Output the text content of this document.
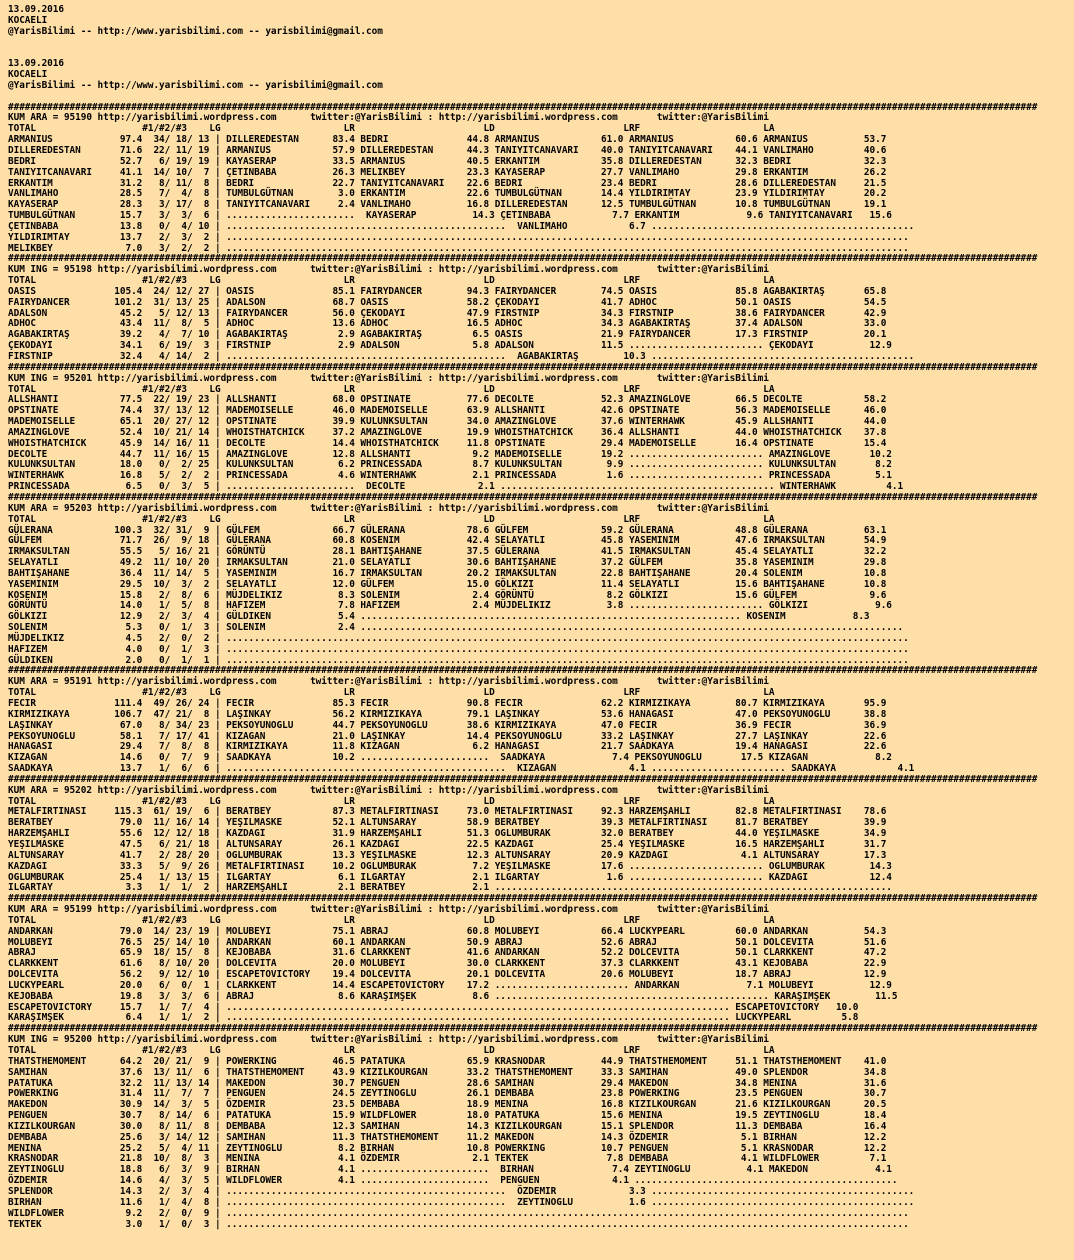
13.09.2016
KOCAELI
@YarisBilimi -- http://www.yarisbilimi.com -- yarisbilimi@gmail.com

13.09.2016
KOCAELI
@YarisBilimi -- http://www.yarisbilimi.com -- yarisbilimi@gmail.com

########################################################################################################################################################################################
KUM ARA = 95190 http://yarisbilimi.wordpress.com      twitter:@YarisBilimi : http://yarisbilimi.wordpress.com       twitter:@YarisBilimi
TOTAL                   #1/#2/#3    LG                      LR                       LD                       LRF                      LA
ARMANIUS            97.4  34/ 18/ 13 | DILLEREDESTAN      83.4 BEDRI              44.8 ARMANIUS           61.0 ARMANIUS           60.6 ARMANIUS          53.7
DILLEREDESTAN       71.6  22/ 11/ 19 | ARMANIUS           57.9 DILLEREDESTAN      44.3 TANIYITCANAVARI    40.0 TANIYITCANAVARI    44.1 VANLIMAHO         40.6
BEDRI               52.7   6/ 19/ 19 | KAYASERAP          33.5 ARMANIUS           40.5 ERKANTIM           35.8 DILLEREDESTAN      32.3 BEDRI             32.3
TANIYITCANAVARI     41.1  14/ 10/  7 | ÇETINBABA          26.3 MELIKBEY           23.3 KAYASERAP          27.7 VANLIMAHO          29.8 ERKANTIM          26.2
ERKANTIM            31.2   8/ 11/  8 | BEDRI              22.7 TANIYITCANAVARI    22.6 BEDRI              23.4 BEDRI              28.6 DILLEREDESTAN     21.5
VANLIMAHO           28.5   7/  4/  8 | TUMBULGÜTNAN        3.0 ERKANTIM           22.6 TUMBULGÜTNAN       14.4 YILDIRIMTAY        23.9 YILDIRIMTAY       20.2
KAYASERAP           28.3   3/ 17/  8 | TANIYITCANAVARI     2.4 VANLIMAHO          16.8 DILLEREDESTAN      12.5 TUMBULGÜTNAN       10.8 TUMBULGÜTNAN      19.1
TUMBULGÜTNAN        15.7   3/  3/  6 | .......................  KAYASERAP          14.3 ÇETINBABA           7.7 ERKANTIM            9.6 TANIYITCANAVARI   15.6
ÇETINBABA           13.8   0/  4/ 10 | ..................................................  VANLIMAHO           6.7 ...............................................
YILDIRIMTAY         13.7   2/  3/  2 | ..........................................................................................................................
MELIKBEY             7.0   3/  2/  2 | ..........................................................................................................................
########################################################################################################################################################################################
KUM ING = 95198 http://yarisbilimi.wordpress.com      twitter:@YarisBilimi : http://yarisbilimi.wordpress.com       twitter:@YarisBilimi
TOTAL                   #1/#2/#3    LG                      LR                       LD                       LRF                      LA
OASIS              105.4  24/ 12/ 27 | OASIS              85.1 FAIRYDANCER        94.3 FAIRYDANCER        74.5 OASIS              85.8 AGABAKIRTAŞ       65.8
FAIRYDANCER        101.2  31/ 13/ 25 | ADALSON            68.7 OASIS              58.2 ÇEKODAYI           41.7 ADHOC              50.1 OASIS             54.5
ADALSON             45.2   5/ 12/ 13 | FAIRYDANCER        56.0 ÇEKODAYI           47.9 FIRSTNIP           34.3 FIRSTNIP           38.6 FAIRYDANCER       42.9
ADHOC               43.4  11/  8/  5 | ADHOC              13.6 ADHOC              16.5 ADHOC              34.3 AGABAKIRTAŞ        37.4 ADALSON           33.0
AGABAKIRTAŞ         39.2   4/  7/ 10 | AGABAKIRTAŞ         2.9 AGABAKIRTAŞ         6.5 OASIS              21.9 FAIRYDANCER        17.3 FIRSTNIP          20.1
ÇEKODAYI            34.1   6/ 19/  3 | FIRSTNIP            2.9 ADALSON             5.8 ADALSON            11.5 ........................ ÇEKODAYI          12.9
FIRSTNIP            32.4   4/ 14/  2 | ..................................................  AGABAKIRTAŞ        10.3 ...............................................
########################################################################################################################################################################################
KUM ING = 95201 http://yarisbilimi.wordpress.com      twitter:@YarisBilimi : http://yarisbilimi.wordpress.com       twitter:@YarisBilimi
TOTAL                   #1/#2/#3    LG                      LR                       LD                       LRF                      LA
ALLSHANTI           77.5  22/ 19/ 23 | ALLSHANTI          68.0 OPSTINATE          77.6 DECOLTE            52.3 AMAZINGLOVE        66.5 DECOLTE           58.2
OPSTINATE           74.4  37/ 13/ 12 | MADEMOISELLE       46.0 MADEMOISELLE       63.9 ALLSHANTI          42.6 OPSTINATE          56.3 MADEMOISELLE      46.0
MADEMOISELLE        65.1  20/ 27/ 12 | OPSTINATE          39.9 KULUNKSULTAN       34.0 AMAZINGLOVE        37.6 WINTERHAWK         45.9 ALLSHANTI         44.0
AMAZINGLOVE         52.4  10/ 21/ 14 | WHOISTHATCHICK     37.2 AMAZINGLOVE        19.9 WHOISTHATCHICK     36.4 ALLSHANTI          44.0 WHOISTHATCHICK    37.8
WHOISTHATCHICK      45.9  14/ 16/ 11 | DECOLTE            14.4 WHOISTHATCHICK     11.8 OPSTINATE          29.4 MADEMOISELLE       16.4 OPSTINATE         15.4
DECOLTE             44.7  11/ 16/ 15 | AMAZINGLOVE        12.8 ALLSHANTI           9.2 MADEMOISELLE       19.2 ........................ AMAZINGLOVE       10.2
KULUNKSULTAN        18.0   0/  2/ 25 | KULUNKSULTAN        6.2 PRINCESSADA         8.7 KULUNKSULTAN        9.9 ........................ KULUNKSULTAN       8.2
WINTERHAWK          16.8   5/  2/  2 | PRINCESSADA         4.6 WINTERHAWK          2.1 PRINCESSADA         1.6 ........................ PRINCESSADA        5.1
PRINCESSADA          6.5   0/  3/  5 | .......................  DECOLTE             2.1 ................................................. WINTERHAWK         4.1
########################################################################################################################################################################################
KUM ARA = 95203 http://yarisbilimi.wordpress.com      twitter:@YarisBilimi : http://yarisbilimi.wordpress.com       twitter:@YarisBilimi
TOTAL                   #1/#2/#3    LG                      LR                       LD                       LRF                      LA
GÜLERANA           100.3  32/ 31/  9 | GÜLFEM             66.7 GÜLERANA           78.6 GÜLFEM             59.2 GÜLERANA           48.8 GÜLERANA          63.1
GÜLFEM              71.7  26/  9/ 18 | GÜLERANA           60.8 KOSENIM            42.4 SELAYATLI          45.8 YASEMINIM          47.6 IRMAKSULTAN       54.9
IRMAKSULTAN         55.5   5/ 16/ 21 | GÖRÜNTÜ            28.1 BAHTIŞAHANE        37.5 GÜLERANA           41.5 IRMAKSULTAN        45.4 SELAYATLI         32.2
SELAYATLI           49.2  11/ 10/ 20 | IRMAKSULTAN        21.0 SELAYATLI          30.6 BAHTIŞAHANE        37.2 GÜLFEM             35.8 YASEMINIM         29.8
BAHTIŞAHANE         36.4  11/ 14/  5 | YASEMINIM          16.7 IRMAKSULTAN        20.2 IRMAKSULTAN        22.8 BAHTIŞAHANE        20.4 SOLENIM           10.8
YASEMINIM           29.5  10/  3/  2 | SELAYATLI          12.0 GÜLFEM             15.0 GÖLKIZI            11.4 SELAYATLI          15.6 BAHTIŞAHANE       10.8
KOSENIM             15.8   2/  8/  6 | MÜJDELIKIZ          8.3 SOLENIM             2.4 GÖRÜNTÜ             8.2 GÖLKIZI            15.6 GÜLFEM             9.6
GÖRÜNTÜ             14.0   1/  5/  8 | HAFIZEM             7.8 HAFIZEM             2.4 MÜJDELIKIZ          3.8 ........................ GÖLKIZI            9.6
GÖLKIZI             12.9   2/  3/  4 | GÜLDIKEN            5.4 .................................................................... KOSENIM            8.3
SOLENIM              5.3   0/  1/  3 | SOLENIM             2.4 .................................................................................................
MÜJDELIKIZ           4.5   2/  0/  2 | ..........................................................................................................................
HAFIZEM              4.0   0/  1/  3 | ..........................................................................................................................
GÜLDIKEN             2.0   0/  1/  1 | ..........................................................................................................................
########################################################################################################################################################################################
KUM ARA = 95191 http://yarisbilimi.wordpress.com      twitter:@YarisBilimi : http://yarisbilimi.wordpress.com       twitter:@YarisBilimi
TOTAL                   #1/#2/#3    LG                      LR                       LD                       LRF                      LA
FECIR              111.4  49/ 26/ 24 | FECIR              85.3 FECIR              90.8 FECIR              62.2 KIRMIZIKAYA        80.7 KIRMIZIKAYA       95.9
KIRMIZIKAYA        106.7  47/ 21/  8 | LAŞINKAY           56.2 KIRMIZIKAYA        79.1 LAŞINKAY           53.6 HANAGASI           47.0 PEKSOYUNOGLU      38.8
LAŞINKAY            67.0   8/ 34/ 23 | PEKSOYUNOGLU       44.7 PEKSOYUNOGLU       38.6 KIRMIZIKAYA        47.0 FECIR              36.9 FECIR             36.9
PEKSOYUNOGLU        58.1   7/ 17/ 41 | KIZAGAN            21.0 LAŞINKAY           14.4 PEKSOYUNOGLU       33.2 LAŞINKAY           27.7 LAŞINKAY          22.6
HANAGASI            29.4   7/  8/  8 | KIRMIZIKAYA        11.8 KIZAGAN             6.2 HANAGASI           21.7 SAADKAYA           19.4 HANAGASI          22.6
KIZAGAN             14.6   0/  7/  9 | SAADKAYA           10.2 .......................  SAADKAYA            7.4 PEKSOYUNOGLU       17.5 KIZAGAN            8.2
SAADKAYA            13.7   1/  6/  6 | ..................................................  KIZAGAN             4.1 ........................ SAADKAYA           4.1
########################################################################################################################################################################################
KUM ARA = 95202 http://yarisbilimi.wordpress.com      twitter:@YarisBilimi : http://yarisbilimi.wordpress.com       twitter:@YarisBilimi
TOTAL                   #1/#2/#3    LG                      LR                       LD                       LRF                      LA
METALFIRTINASI     115.3  61/ 19/  6 | BERATBEY           87.3 METALFIRTINASI     73.0 METALFIRTINASI     92.3 HARZEMŞAHLI        82.8 METALFIRTINASI    78.6
BERATBEY            79.0  11/ 16/ 14 | YEŞILMASKE         52.1 ALTUNSARAY         58.9 BERATBEY           39.3 METALFIRTINASI     81.7 BERATBEY          39.9
HARZEMŞAHLI         55.6  12/ 12/ 18 | KAZDAGI            31.9 HARZEMŞAHLI        51.3 OGLUMBURAK         32.0 BERATBEY           44.0 YEŞILMASKE        34.9
YEŞILMASKE          47.5   6/ 21/ 18 | ALTUNSARAY         26.1 KAZDAGI            22.5 KAZDAGI            25.4 YEŞILMASKE         16.5 HARZEMŞAHLI       31.7
ALTUNSARAY          41.7   2/ 28/ 20 | OGLUMBURAK         13.3 YEŞILMASKE         12.3 ALTUNSARAY         20.9 KAZDAGI             4.1 ALTUNSARAY        17.3
KAZDAGI             33.3   5/  9/ 26 | METALFIRTINASI     10.2 OGLUMBURAK          7.2 YEŞILMASKE         17.6 ........................ OGLUMBURAK        14.3
OGLUMBURAK          25.4   1/ 13/ 15 | ILGARTAY            6.1 ILGARTAY            2.1 ILGARTAY            1.6 ........................ KAZDAGI           12.4
ILGARTAY             3.3   1/  1/  2 | HARZEMŞAHLI         2.1 BERATBEY            2.1 .......................................................................
########################################################################################################################################################################################
KUM ARA = 95199 http://yarisbilimi.wordpress.com      twitter:@YarisBilimi : http://yarisbilimi.wordpress.com       twitter:@YarisBilimi
TOTAL                   #1/#2/#3    LG                      LR                       LD                       LRF                      LA
ANDARKAN            79.0  14/ 23/ 19 | MOLUBEYI           75.1 ABRAJ              60.8 MOLUBEYI           66.4 LUCKYPEARL         60.0 ANDARKAN          54.3
MOLUBEYI            76.5  25/ 14/ 10 | ANDARKAN           60.1 ANDARKAN           50.9 ABRAJ              52.6 ABRAJ              50.1 DOLCEVITA         51.6
ABRAJ               65.9  18/ 15/  8 | KEJOBABA           31.6 CLARKKENT          41.6 ANDARKAN           52.2 DOLCEVITA          50.1 CLARKKENT         47.2
CLARKKENT           61.6   8/ 10/ 20 | DOLCEVITA          20.0 MOLUBEYI           30.0 CLARKKENT          37.3 CLARKKENT          43.1 KEJOBABA          22.9
DOLCEVITA           56.2   9/ 12/ 10 | ESCAPETOVICTORY    19.4 DOLCEVITA          20.1 DOLCEVITA          20.6 MOLUBEYI           18.7 ABRAJ             12.9
LUCKYPEARL          20.0   6/  0/  1 | CLARKKENT          14.4 ESCAPETOVICTORY    17.2 ........................ ANDARKAN            7.1 MOLUBEYI          12.9
KEJOBABA            19.8   3/  3/  6 | ABRAJ               8.6 KARAŞIMŞEK          8.6 ................................................. KARAŞIMŞEK        11.5
ESCAPETOVICTORY     15.7   1/  7/  4 | .......................................................................................... ESCAPETOVICTORY   10.0
KARAŞIMŞEK           6.4   1/  1/  2 | .......................................................................................... LUCKYPEARL         5.8
########################################################################################################################################################################################
KUM ING = 95200 http://yarisbilimi.wordpress.com      twitter:@YarisBilimi : http://yarisbilimi.wordpress.com       twitter:@YarisBilimi
TOTAL                   #1/#2/#3    LG                      LR                       LD                       LRF                      LA
THATSTHEMOMENT      64.2  20/ 21/  9 | POWERKING          46.5 PATATUKA           65.9 KRASNODAR          44.9 THATSTHEMOMENT     51.1 THATSTHEMOMENT    41.0
SAMIHAN             37.6  13/ 11/  6 | THATSTHEMOMENT     43.9 KIZILKOURGAN       33.2 THATSTHEMOMENT     33.3 SAMIHAN            49.0 SPLENDOR          34.8
PATATUKA            32.2  11/ 13/ 14 | MAKEDON            30.7 PENGUEN            28.6 SAMIHAN            29.4 MAKEDON            34.8 MENINA            31.6
POWERKING           31.4  11/  7/  7 | PENGUEN            24.5 ZEYTINOGLU         26.1 DEMBABA            23.8 POWERKING          23.5 PENGUEN           30.7
MAKEDON             30.9  14/  3/  5 | ÖZDEMIR            23.5 DEMBABA            18.9 MENINA             16.8 KIZILKOURGAN       21.6 KIZILKOURGAN      20.5
PENGUEN             30.7   8/ 14/  6 | PATATUKA           15.9 WILDFLOWER         18.0 PATATUKA           15.6 MENINA             19.5 ZEYTINOGLU        18.4
KIZILKOURGAN        30.0   8/ 11/  8 | DEMBABA            12.3 SAMIHAN            14.3 KIZILKOURGAN       15.1 SPLENDOR           11.3 DEMBABA           16.4
DEMBABA             25.6   3/ 14/ 12 | SAMIHAN            11.3 THATSTHEMOMENT     11.2 MAKEDON            14.3 ÖZDEMIR             5.1 BIRHAN            12.2
MENINA              25.2   5/  4/ 11 | ZEYTINOGLU          8.2 BIRHAN             10.8 POWERKING          10.7 PENGUEN             5.1 KRASNODAR         12.2
KRASNODAR           21.8  10/  8/  3 | MENINA              4.1 ÖZDEMIR             2.1 TEKTEK              7.8 DEMBABA             4.1 WILDFLOWER         7.1
ZEYTINOGLU          18.8   6/  3/  9 | BIRHAN              4.1 .......................  BIRHAN              7.4 ZEYTINOGLU          4.1 MAKEDON            4.1
ÖZDEMIR             14.6   4/  3/  5 | WILDFLOWER          4.1 .......................  PENGUEN             4.1 ...............................................
SPLENDOR            14.3   2/  3/  4 | ..................................................  ÖZDEMIR             3.3 ...............................................
BIRHAN              11.6   1/  4/  8 | ..................................................  ZEYTINOGLU          1.6 ...............................................
WILDFLOWER           9.2   2/  0/  9 | ..........................................................................................................................
TEKTEK               3.0   1/  0/  3 | ..........................................................................................................................
